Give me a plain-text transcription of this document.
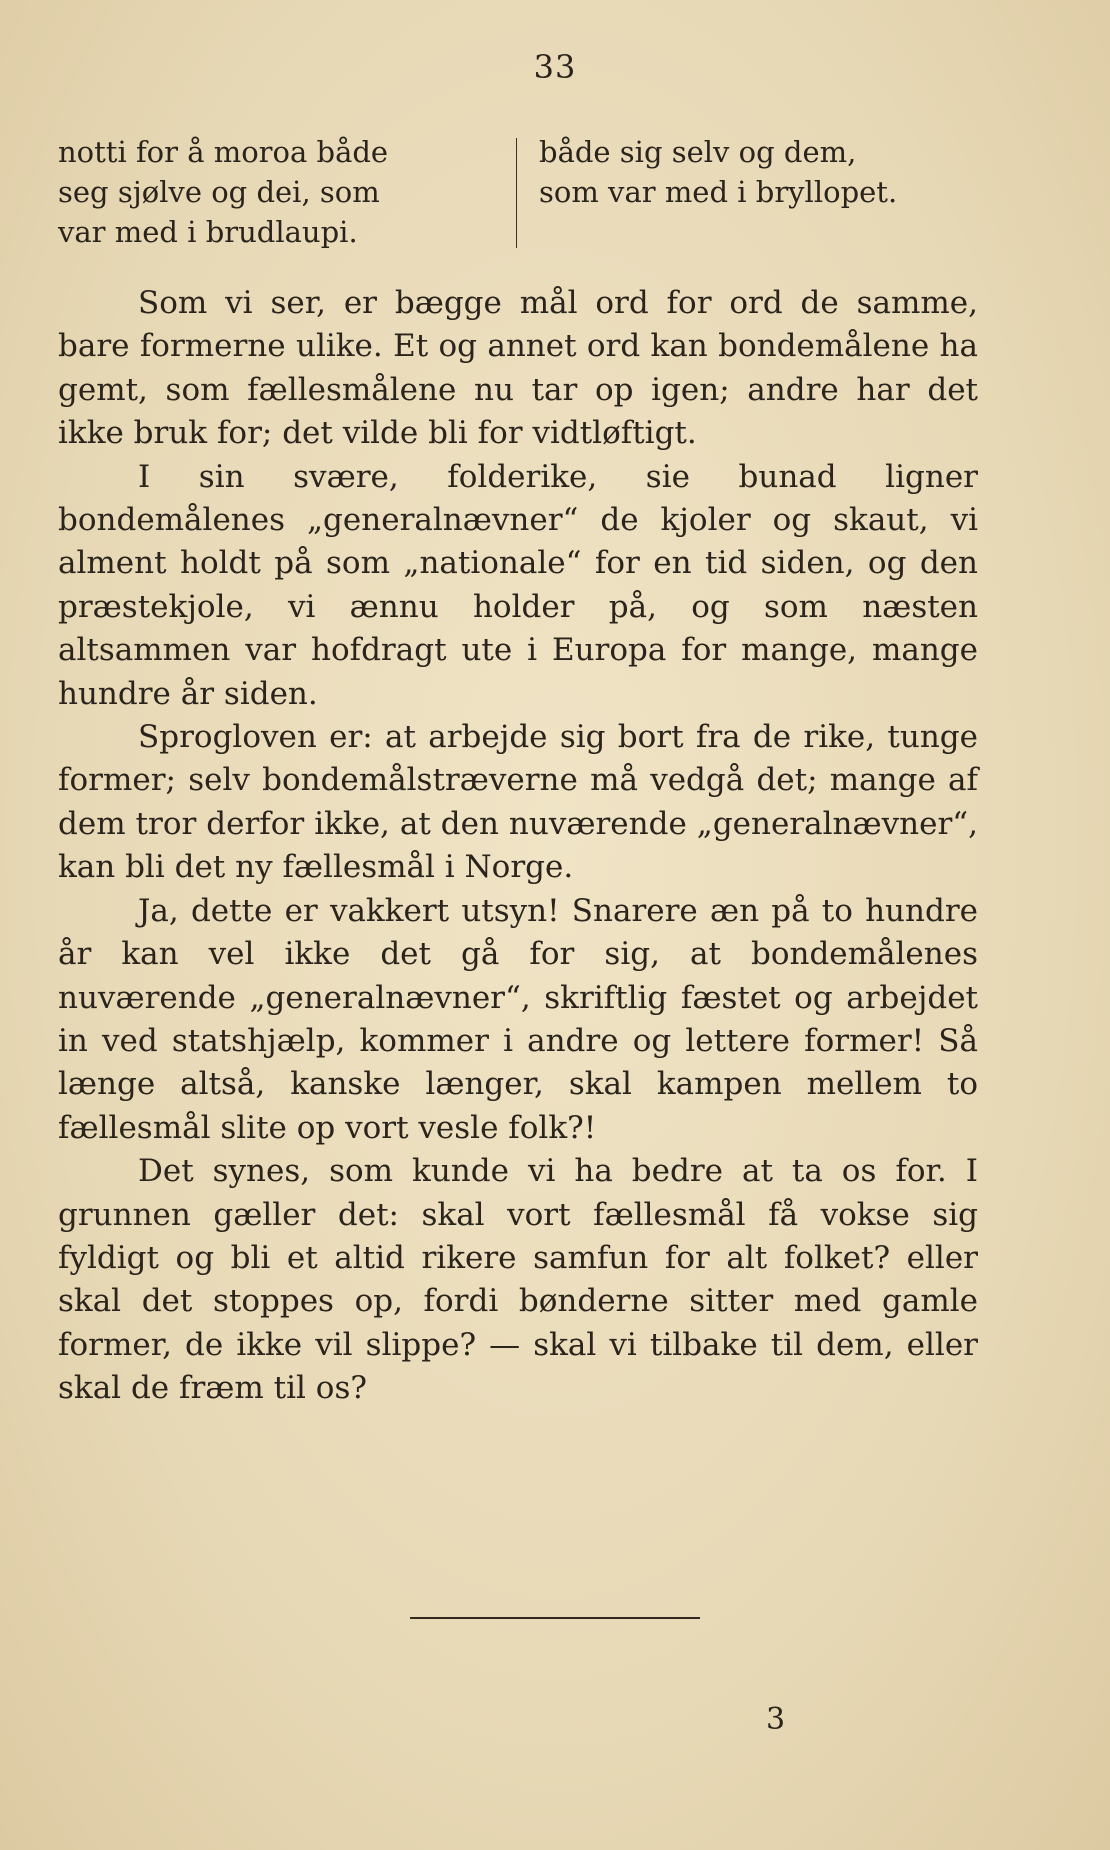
33
notti for å moroa både
seg sjølve og dei, som
var med i brudlaupi.
både sig selv og dem,
som var med i bryllopet.

Som vi ser, er bægge mål ord for ord de samme, bare formerne ulike. Et og annet ord kan bondemålene ha gemt, som fællesmålene nu tar op igen; andre har det ikke bruk for; det vilde bli for vidtløftigt.

I sin svære, folderike, sie bunad ligner bondemålenes „generalnævner“ de kjoler og skaut, vi alment holdt på som „nationale“ for en tid siden, og den præstekjole, vi ænnu holder på, og som næsten altsammen var hofdragt ute i Europa for mange, mange hundre år siden.

Sprogloven er: at arbejde sig bort fra de rike, tunge former; selv bondemålstræverne må vedgå det; mange af dem tror derfor ikke, at den nuværende „generalnævner“, kan bli det ny fællesmål i Norge.

Ja, dette er vakkert utsyn! Snarere æn på to hundre år kan vel ikke det gå for sig, at bondemålenes nuværende „generalnævner“, skriftlig fæstet og arbejdet in ved statshjælp, kommer i andre og lettere former! Så længe altså, kanske længer, skal kampen mellem to fællesmål slite op vort vesle folk?!

Det synes, som kunde vi ha bedre at ta os for. I grunnen gæller det: skal vort fællesmål få vokse sig fyldigt og bli et altid rikere samfun for alt folket? eller skal det stoppes op, fordi bønderne sitter med gamle former, de ikke vil slippe? — skal vi tilbake til dem, eller skal de fræm til os?

3
